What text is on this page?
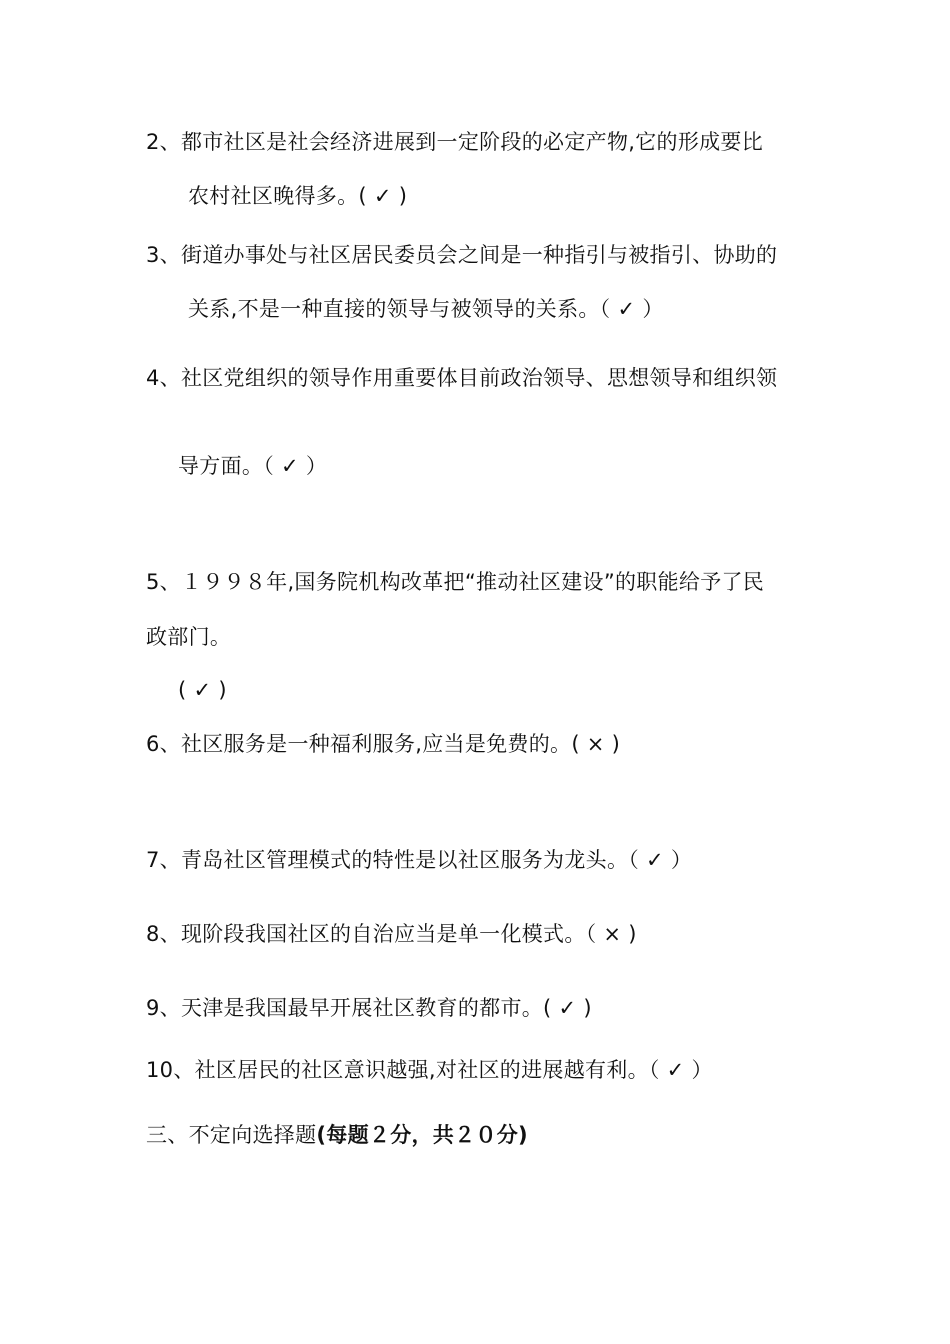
2、都市社区是社会经济进展到一定阶段的必定产物,它的形成要比
农村社区晚得多。( ✓ )
3、街道办事处与社区居民委员会之间是一种指引与被指引、协助的
关系,不是一种直接的领导与被领导的关系。（ ✓ ）
4、社区党组织的领导作用重要体目前政治领导、思想领导和组织领
导方面。（ ✓ ）
5、１９９８年,国务院机构改革把“推动社区建设”的职能给予了民
政部门。
( ✓ )
6、社区服务是一种福利服务,应当是免费的。( × )
7、青岛社区管理模式的特性是以社区服务为龙头。（ ✓ ）
8、现阶段我国社区的自治应当是单一化模式。（ × )
9、天津是我国最早开展社区教育的都市。( ✓ )
10、社区居民的社区意识越强,对社区的进展越有利。（ ✓ ）
三、不定向选择题(每题２分，共２０分)
